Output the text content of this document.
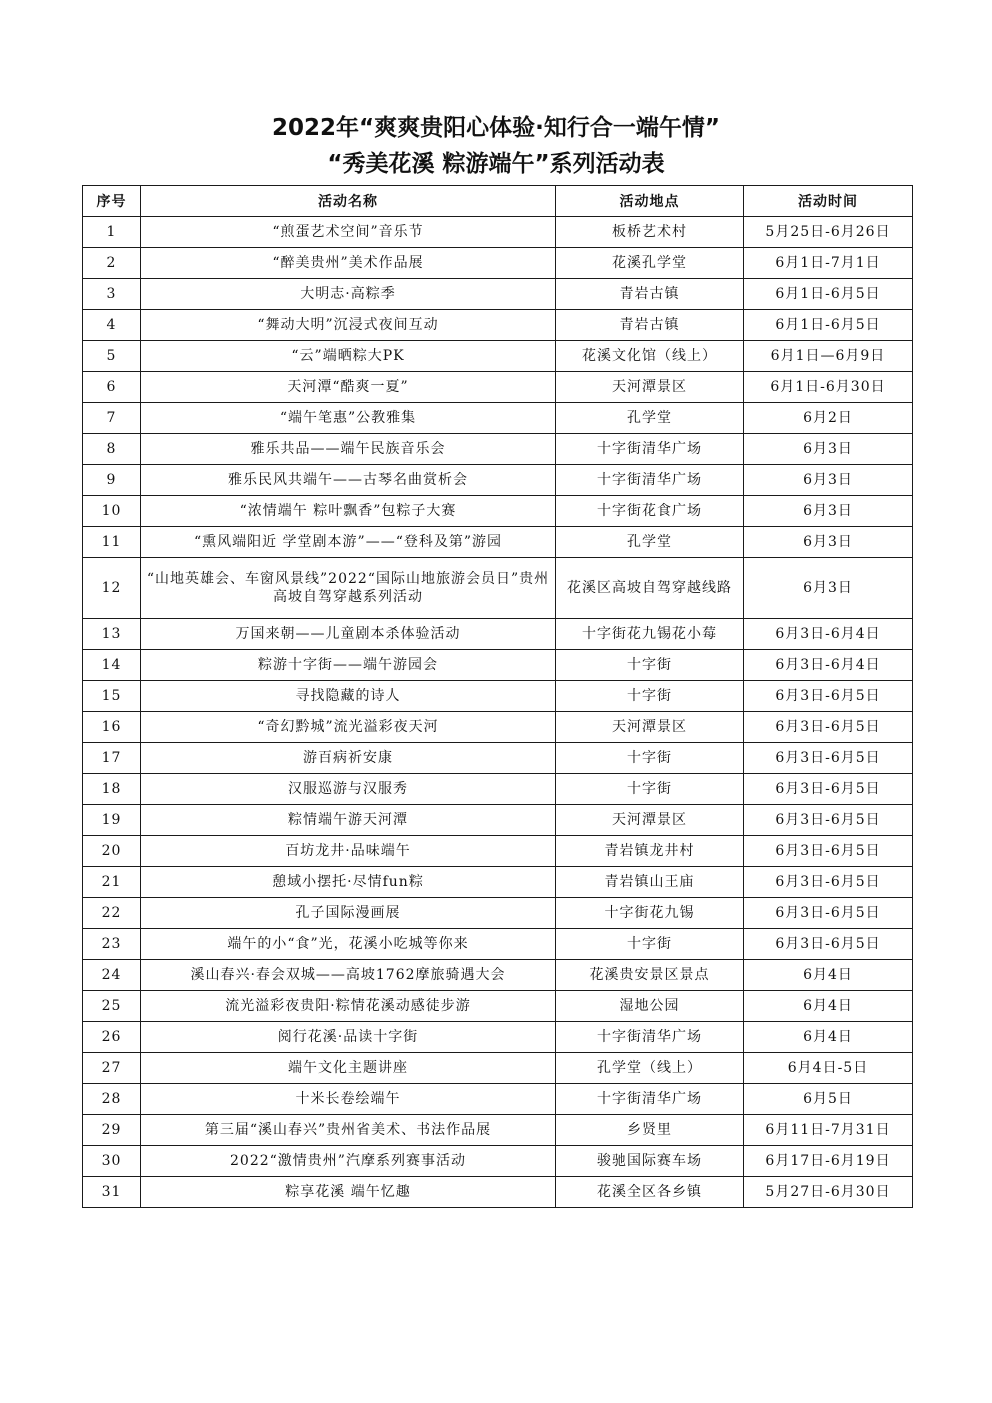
2022年“爽爽贵阳心体验·知行合一端午情”
“秀美花溪 粽游端午”系列活动表
序号	活动名称	活动地点	活动时间
1	“煎蛋艺术空间”音乐节	板桥艺术村	5月25日-6月26日
2	“醉美贵州”美术作品展	花溪孔学堂	6月1日-7月1日
3	大明志·高粽季	青岩古镇	6月1日-6月5日
4	“舞动大明”沉浸式夜间互动	青岩古镇	6月1日-6月5日
5	“云”端晒粽大PK	花溪文化馆（线上）	6月1日—6月9日
6	天河潭“酷爽一夏”	天河潭景区	6月1日-6月30日
7	“端午笔惠”公教雅集	孔学堂	6月2日
8	雅乐共品——端午民族音乐会	十字街清华广场	6月3日
9	雅乐民风共端午——古琴名曲赏析会	十字街清华广场	6月3日
10	“浓情端午 粽叶飘香”包粽子大赛	十字街花食广场	6月3日
11	“熏风端阳近 学堂剧本游”——“登科及第”游园	孔学堂	6月3日
12	“山地英雄会、车窗风景线”2022“国际山地旅游会员日”贵州高坡自驾穿越系列活动	花溪区高坡自驾穿越线路	6月3日
13	万国来朝——儿童剧本杀体验活动	十字街花九锡花小莓	6月3日-6月4日
14	粽游十字街——端午游园会	十字街	6月3日-6月4日
15	寻找隐藏的诗人	十字街	6月3日-6月5日
16	“奇幻黔城”流光溢彩夜天河	天河潭景区	6月3日-6月5日
17	游百病祈安康	十字街	6月3日-6月5日
18	汉服巡游与汉服秀	十字街	6月3日-6月5日
19	粽情端午游天河潭	天河潭景区	6月3日-6月5日
20	百坊龙井·品味端午	青岩镇龙井村	6月3日-6月5日
21	憩域小摆托·尽情fun粽	青岩镇山王庙	6月3日-6月5日
22	孔子国际漫画展	十字街花九锡	6月3日-6月5日
23	端午的小“食”光，花溪小吃城等你来	十字街	6月3日-6月5日
24	溪山春兴·春会双城——高坡1762摩旅骑遇大会	花溪贵安景区景点	6月4日
25	流光溢彩夜贵阳·粽情花溪动感徒步游	湿地公园	6月4日
26	阅行花溪·品读十字街	十字街清华广场	6月4日
27	端午文化主题讲座	孔学堂（线上）	6月4日-5日
28	十米长卷绘端午	十字街清华广场	6月5日
29	第三届“溪山春兴”贵州省美术、书法作品展	乡贤里	6月11日-7月31日
30	2022“激情贵州”汽摩系列赛事活动	骏驰国际赛车场	6月17日-6月19日
31	粽享花溪 端午忆趣	花溪全区各乡镇	5月27日-6月30日
